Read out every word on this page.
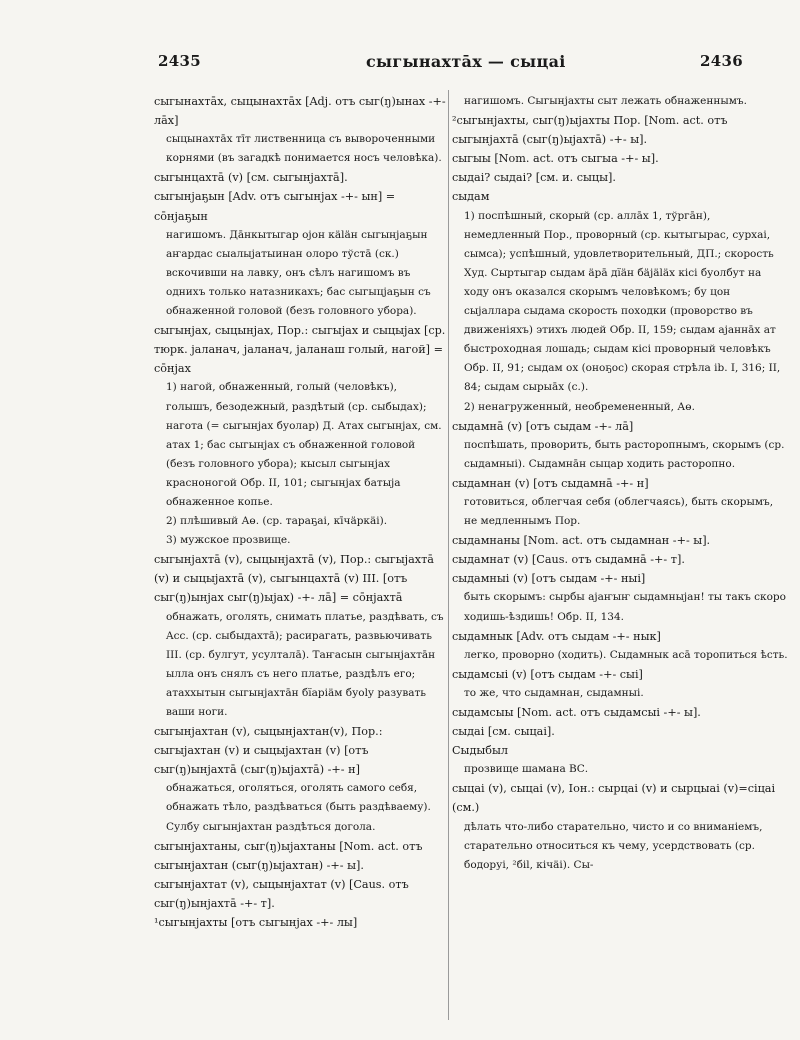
2435	сыгынахтāх — сыцаі	2436

сыгынахтāх, сыцынахтāх [Adj. отъ сыг(ŋ)ынах -+- лāх]

сыцынахтāх тīт лиственница съ вывороченными корнями (въ загадкѣ понимается носъ человѣка).

сыгынцахтā (v) [см. сыгынjахтā].

сыгынjаҕын [Adv. отъ сыгынjах -+- ын] = сōнjаҕын

нагишомъ. Дāнкытыгар оjон кäläн сыгынjаҕын аҥардас сыалыjатыинан олоро тўстā (ск.) вскочивши на лавку, онъ сѣлъ нагишомъ въ однихъ только натазникахъ; бас сыгыцjаҕын съ обнаженной головой (безъ головного убора).

сыгынjах, сыцынjах, Пор.: сыгыjах и сыцыjах [ср. тюрк. jаланач, jаланач, jаланаш голый, нагой] = сōнjах

1) нагой, обнаженный, голый (человѣкъ), голышъ, безодежный, раздѣтый (ср. сыбыдах); нагота (= сыгынjах буолар) Д. Атах сыгынjах, см. атах 1; бас сыгынjах съ обнаженной головой (безъ головного убора); кысыл сыгынjах красноногой Обр. II, 101; сыгынjах батыjа обнаженное копье.

2) плѣшивый Аө. (ср. тараҕаі, кīчäркäі).

3) мужское прозвище.

сыгынjахтā (v), сыцынjахтā (v), Пор.: сыгыjахтā (v) и сыцыjахтā (v), сыгынцахтā (v) III. [отъ сыг(ŋ)ынjах сыг(ŋ)ыjах) -+- лā] = сōнjахтā

обнажать, оголять, снимать платье, раздѣвать, съ Acc. (ср. сыбыдахтā); расирагать, развьючивать III. (ср. булгут, усулталā). Таҥасын сыгынjахтāн ылла онъ снялъ съ него платье, раздѣлъ его; атаххытын сыгынjахтāн бїаріäм буоlу разувать ваши ноги.

сыгынjахтан (v), сыцынjахтан(v), Пор.: сыгыjахтан (v) и сыцыjахтан (v) [отъ сыг(ŋ)ынjахтā (сыг(ŋ)ыjахтā) -+- н]

обнажаться, оголяться, оголять самого себя, обнажать тѣло, раздѣваться (быть раздѣваему). Сулбу сыгынjахтан раздѣться догола.

сыгынjахтаны, сыг(ŋ)ыjахтаны [Nom. act. отъ сыгынjахтан (сыг(ŋ)ыjахтан) -+- ы].

сыгынjахтат (v), сыцынjахтат (v) [Caus. отъ сыг(ŋ)ынjахтā -+- т].

¹сыгынjахты [отъ сыгынjах -+- лы]

нагишомъ. Сыгынjахты сыт лежать обнаженнымъ.

²сыгынjахты, сыг(ŋ)ыjахты Пор. [Nom. act. отъ сыгынjахтā (сыг(ŋ)ыjахтā) -+- ы].

сыгыы [Nom. act. отъ сыгыа -+- ы].

сыдаі? сыдаі? [см. и. сыцы].

сыдам

1) поспѣшный, скорый (ср. аллāх 1, тўргāн), немедленный Пор., проворный (ср. кытыгырас, сурхаі, сымса); успѣшный, удовлетворительный, ДП.; скорость Худ. Сыртыгар сыдам äрā дїäн бäjäläх кісі буолбут на ходу онъ оказался скорымъ человѣкомъ; бу цон сыjаллара сыдама скорость походки (проворство въ движеніяхъ) этихъ людей Обр. II, 159; сыдам аjаннāх ат быстроходная лошадь; сыдам кісі проворный человѣкъ Обр. II, 91; сыдам оx (оноҕос) скорая стрѣла ib. I, 316; II, 84; сыдам сырыāх (с.).

2) ненагруженный, необремененный, Аө.

сыдамнā (v) [отъ сыдам -+- лā]

поспѣшать, проворить, быть расторопнымъ, скорымъ (ср. сыдамныі). Сыдамнāн сыцар ходить расторопно.

сыдамнан (v) [отъ сыдамнā -+- н]

готовиться, облегчая себя (облегчаясь), быть скорымъ, не медленнымъ Пор.

сыдамнаны [Nom. act. отъ сыдамнан -+- ы].

сыдамнат (v) [Caus. отъ сыдамнā -+- т].

сыдамныі (v) [отъ сыдам -+- ныі]

быть скорымъ: сырбы аjаҥыҥ сыдамныjан! ты такъ скоро ходишь-ѣздишь! Обр. II, 134.

сыдамнык [Adv. отъ сыдам -+- нык]

легко, проворно (ходить). Сыдамнык асā торопиться ѣсть.

сыдамсыі (v) [отъ сыдам -+- сыі]

то же, что сыдамнан, сыдамныі.

сыдамсыы [Nom. act. отъ сыдамсыі -+- ы].

сыдаі [см. сыцаі].

Сыдыбыл

прозвище шамана ВС.

сыцаі (v), сыцаі (v), Іон.: сырцаі (v) и сырцыаі (v)=сіцаі (см.)

дѣлать что-либо старательно, чисто и со вниманіемъ, старательно относиться къ чему, усердствовать (ср. бодоруі, ²біl, кічäі). Сы-
